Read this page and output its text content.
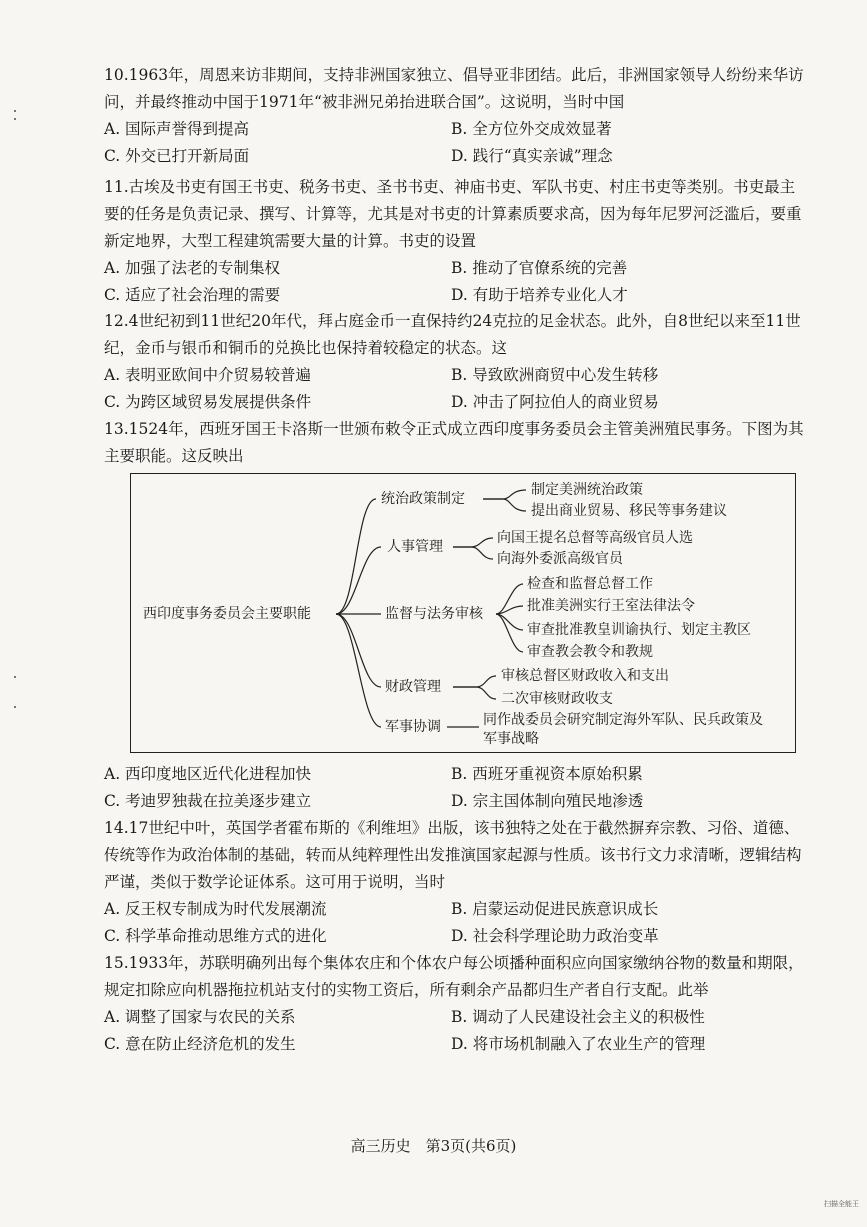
10.1963年，周恩来访非期间，支持非洲国家独立、倡导亚非团结。此后，非洲国家领导人纷纷来华访问，并最终推动中国于1971年“被非洲兄弟抬进联合国”。这说明，当时中国
A. 国际声誉得到提高	B. 全方位外交成效显著
C. 外交已打开新局面	D. 践行“真实亲诚”理念
11.古埃及书吏有国王书吏、税务书吏、圣书书吏、神庙书吏、军队书吏、村庄书吏等类别。书吏最主要的任务是负责记录、撰写、计算等，尤其是对书吏的计算素质要求高，因为每年尼罗河泛滥后，要重新定地界，大型工程建筑需要大量的计算。书吏的设置
A. 加强了法老的专制集权	B. 推动了官僚系统的完善
C. 适应了社会治理的需要	D. 有助于培养专业化人才
12.4世纪初到11世纪20年代，拜占庭金币一直保持约24克拉的足金状态。此外，自8世纪以来至11世纪，金币与银币和铜币的兑换比也保持着较稳定的状态。这
A. 表明亚欧间中介贸易较普遍	B. 导致欧洲商贸中心发生转移
C. 为跨区域贸易发展提供条件	D. 冲击了阿拉伯人的商业贸易
13.1524年，西班牙国王卡洛斯一世颁布敕令正式成立西印度事务委员会主管美洲殖民事务。下图为其主要职能。这反映出
西印度事务委员会主要职能
统治政策制定
制定美洲统治政策
提出商业贸易、移民等事务建议
人事管理
向国王提名总督等高级官员人选
向海外委派高级官员
监督与法务审核
检查和监督总督工作
批准美洲实行王室法律法令
审查批准教皇训谕执行、划定主教区
审查教会教令和教规
财政管理
审核总督区财政收入和支出
二次审核财政收支
军事协调	同作战委员会研究制定海外军队、民兵政策及
军事战略
A. 西印度地区近代化进程加快	B. 西班牙重视资本原始积累
C. 考迪罗独裁在拉美逐步建立	D. 宗主国体制向殖民地渗透
14.17世纪中叶，英国学者霍布斯的《利维坦》出版，该书独特之处在于截然摒弃宗教、习俗、道德、传统等作为政治体制的基础，转而从纯粹理性出发推演国家起源与性质。该书行文力求清晰，逻辑结构严谨，类似于数学论证体系。这可用于说明，当时
A. 反王权专制成为时代发展潮流	B. 启蒙运动促进民族意识成长
C. 科学革命推动思维方式的进化	D. 社会科学理论助力政治变革
15.1933年，苏联明确列出每个集体农庄和个体农户每公顷播种面积应向国家缴纳谷物的数量和期限，规定扣除应向机器拖拉机站支付的实物工资后，所有剩余产品都归生产者自行支配。此举
A. 调整了国家与农民的关系	B. 调动了人民建设社会主义的积极性
C. 意在防止经济危机的发生	D. 将市场机制融入了农业生产的管理
高三历史　第3页(共6页)
扫描全能王
